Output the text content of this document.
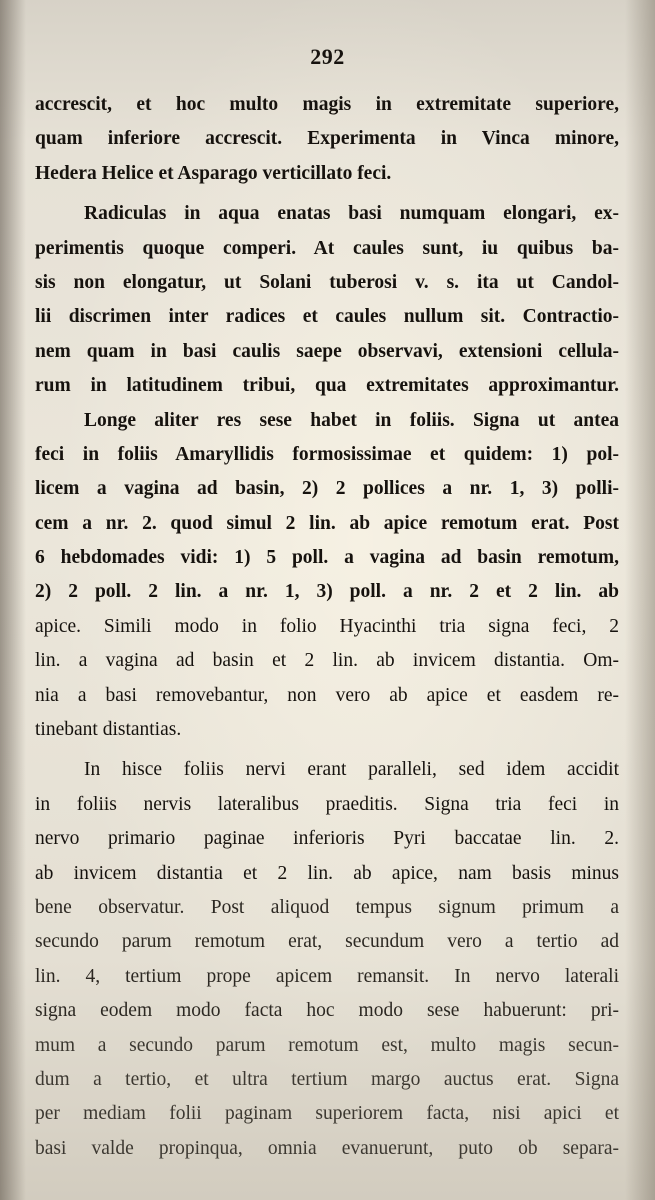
292
accrescit, et hoc multo magis in extremitate superiore,
quam inferiore accrescit. Experimenta in Vinca minore,
Hedera Helice et Asparago verticillato feci.
Radiculas in aqua enatas basi numquam elongari, ex-
perimentis quoque comperi. At caules sunt, iu quibus ba-
sis non elongatur, ut Solani tuberosi v. s. ita ut Candol-
lii discrimen inter radices et caules nullum sit. Contractio-
nem quam in basi caulis saepe observavi, extensioni cellula-
rum in latitudinem tribui, qua extremitates approximantur.
Longe aliter res sese habet in foliis. Signa ut antea
feci in foliis Amaryllidis formosissimae et quidem: 1) pol-
licem a vagina ad basin, 2) 2 pollices a nr. 1, 3) polli-
cem a nr. 2. quod simul 2 lin. ab apice remotum erat. Post
6 hebdomades vidi: 1) 5 poll. a vagina ad basin remotum,
2) 2 poll. 2 lin. a nr. 1, 3) poll. a nr. 2 et 2 lin. ab
apice. Simili modo in folio Hyacinthi tria signa feci, 2
lin. a vagina ad basin et 2 lin. ab invicem distantia. Om-
nia a basi removebantur, non vero ab apice et easdem re-
tinebant distantias.
In hisce foliis nervi erant paralleli, sed idem accidit
in foliis nervis lateralibus praeditis. Signa tria feci in
nervo primario paginae inferioris Pyri baccatae lin. 2.
ab invicem distantia et 2 lin. ab apice, nam basis minus
bene observatur. Post aliquod tempus signum primum a
secundo parum remotum erat, secundum vero a tertio ad
lin. 4, tertium prope apicem remansit. In nervo laterali
signa eodem modo facta hoc modo sese habuerunt: pri-
mum a secundo parum remotum est, multo magis secun-
dum a tertio, et ultra tertium margo auctus erat. Signa
per mediam folii paginam superiorem facta, nisi apici et
basi valde propinqua, omnia evanuerunt, puto ob separa-
